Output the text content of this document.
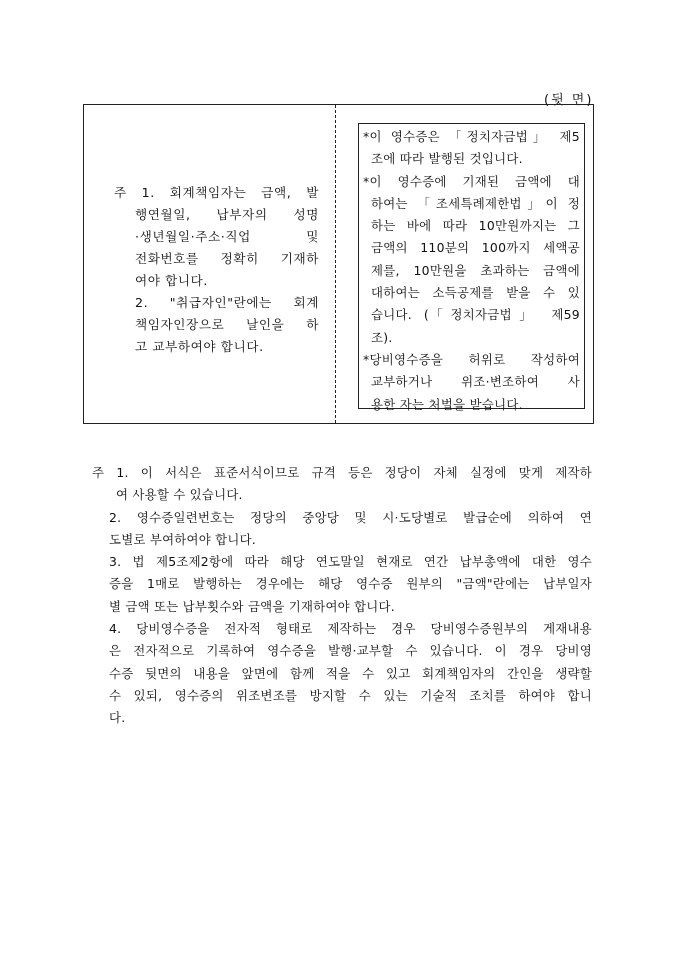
(뒷 면)

주 1. 회계책임자는 금액, 발

행연월일, 납부자의 성명

·생년월일·주소·직업 및

전화번호를 정확히 기재하

여야 합니다.

2. "취급자인"란에는 회계

책임자인장으로 날인을 하

고 교부하여야 합니다.

*이 영수증은 「정치자금법」 제5

조에 따라 발행된 것입니다.

*이 영수증에 기재된 금액에 대

하여는 「조세특례제한법」이 정

하는 바에 따라 10만원까지는 그

금액의 110분의 100까지 세액공

제를, 10만원을 초과하는 금액에

대하여는 소득공제를 받을 수 있

습니다. (「정치자금법」 제59

조).

*당비영수증을 허위로 작성하여

교부하거나 위조·변조하여 사

용한 자는 처벌을 받습니다.

주 1. 이 서식은 표준서식이므로 규격 등은 정당이 자체 실정에 맞게 제작하

여 사용할 수 있습니다.

2. 영수증일련번호는 정당의 중앙당 및 시·도당별로 발급순에 의하여 연

도별로 부여하여야 합니다.

3. 법 제5조제2항에 따라 해당 연도말일 현재로 연간 납부총액에 대한 영수

증을 1매로 발행하는 경우에는 해당 영수증 원부의 "금액"란에는 납부일자

별 금액 또는 납부횟수와 금액을 기재하여야 합니다.

4. 당비영수증을 전자적 형태로 제작하는 경우 당비영수증원부의 게재내용

은 전자적으로 기록하여 영수증을 발행·교부할 수 있습니다. 이 경우 당비영

수증 뒷면의 내용을 앞면에 함께 적을 수 있고 회계책임자의 간인을 생략할

수 있되, 영수증의 위조변조를 방지할 수 있는 기술적 조치를 하여야 합니

다.
